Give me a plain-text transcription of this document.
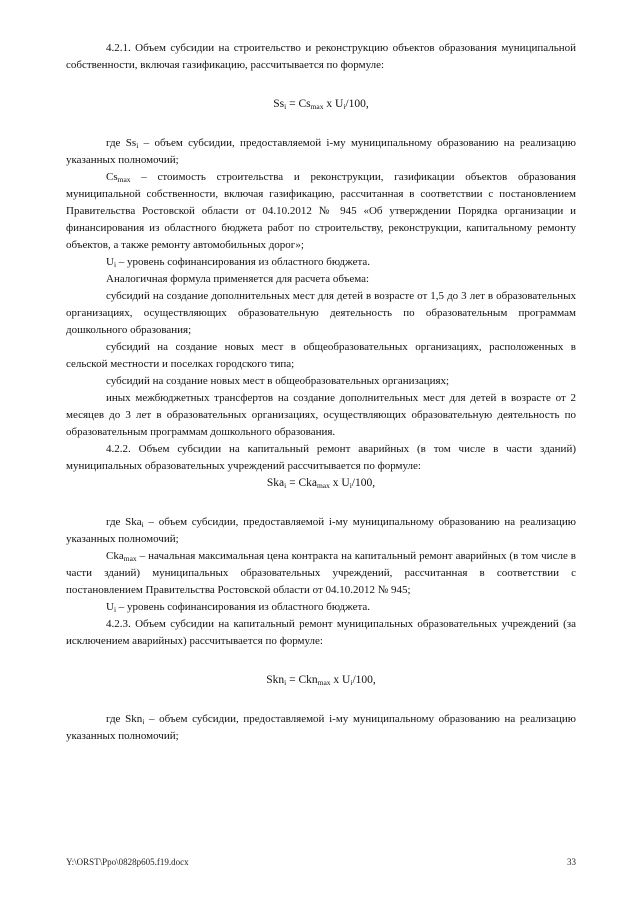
4.2.1. Объем субсидии на строительство и реконструкцию объектов образования муниципальной собственности, включая газификацию, рассчитывается по формуле:

$Ss_i = Cs_{max}$ x $U_i/100$,

где $Ss_i$ – объем субсидии, предоставляемой i-му муниципальному образованию на реализацию указанных полномочий;

$Cs_{max}$ – стоимость строительства и реконструкции, газификации объектов образования муниципальной собственности, включая газификацию, рассчитанная в соответствии с постановлением Правительства Ростовской области от 04.10.2012 № 945 «Об утверждении Порядка организации и финансирования из областного бюджета работ по строительству, реконструкции, капитальному ремонту объектов, а также ремонту автомобильных дорог»;

$U_i$ – уровень софинансирования из областного бюджета.

Аналогичная формула применяется для расчета объема:

субсидий на создание дополнительных мест для детей в возрасте от 1,5 до 3 лет в образовательных организациях, осуществляющих образовательную деятельность по образовательным программам дошкольного образования;

субсидий на создание новых мест в общеобразовательных организациях, расположенных в сельской местности и поселках городского типа;

субсидий на создание новых мест в общеобразовательных организациях;

иных межбюджетных трансфертов на создание дополнительных мест для детей в возрасте от 2 месяцев до 3 лет в образовательных организациях, осуществляющих образовательную деятельность по образовательным программам дошкольного образования.

4.2.2. Объем субсидии на капитальный ремонт аварийных (в том числе в части зданий) муниципальных образовательных учреждений рассчитывается по формуле:

Ska$_i$ = Cka$_{max}$ x $U_i/100$,

где Ska$_i$ – объем субсидии, предоставляемой i-му муниципальному образованию на реализацию указанных полномочий;

Cka$_{max}$ – начальная максимальная цена контракта на капитальный ремонт аварийных (в том числе в части зданий) муниципальных образовательных учреждений, рассчитанная в соответствии с постановлением Правительства Ростовской области от 04.10.2012 № 945;

$U_i$ – уровень софинансирования из областного бюджета.

4.2.3. Объем субсидии на капитальный ремонт муниципальных образовательных учреждений (за исключением аварийных) рассчитывается по формуле:

Skn$_i$ = Ckn$_{max}$ x $U_i/100$,

где Skn$_i$ – объем субсидии, предоставляемой i-му муниципальному образованию на реализацию указанных полномочий;

Y:\ORST\Ppo\0828p605.f19.docx	33
